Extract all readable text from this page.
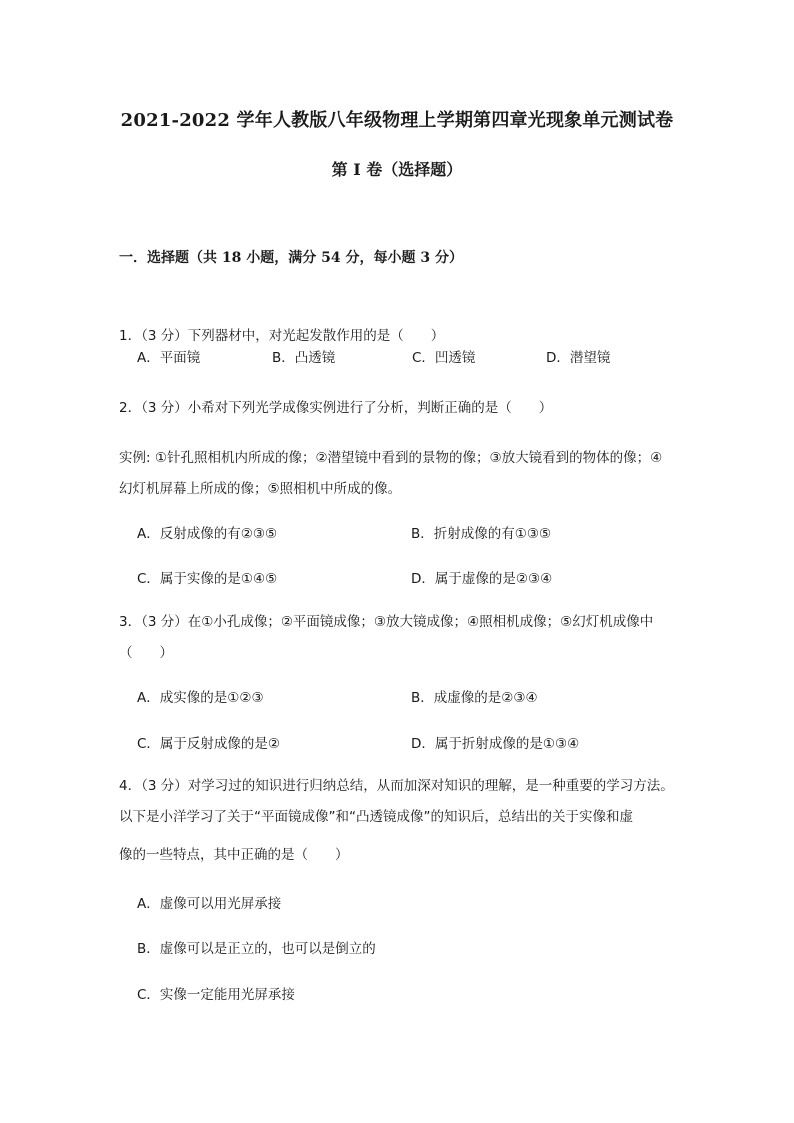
2021-2022 学年人教版八年级物理上学期第四章光现象单元测试卷
第 I 卷（选择题）
一．选择题（共 18 小题，满分 54 分，每小题 3 分）
1．（3 分）下列器材中，对光起发散作用的是（　　）
A．平面镜	B．凸透镜	C．凹透镜	D．潜望镜
2．（3 分）小希对下列光学成像实例进行了分析，判断正确的是（　　）
实例: ①针孔照相机内所成的像；②潜望镜中看到的景物的像；③放大镜看到的物体的像；④
幻灯机屏幕上所成的像；⑤照相机中所成的像。
A．反射成像的有②③⑤	B．折射成像的有①③⑤
C．属于实像的是①④⑤	D．属于虚像的是②③④
3．（3 分）在①小孔成像；②平面镜成像；③放大镜成像；④照相机成像；⑤幻灯机成像中
（　　）
A．成实像的是①②③	B．成虚像的是②③④
C．属于反射成像的是②	D．属于折射成像的是①③④
4．（3 分）对学习过的知识进行归纳总结，从而加深对知识的理解，是一种重要的学习方法。
以下是小洋学习了关于“平面镜成像”和“凸透镜成像”的知识后，总结出的关于实像和虚
像的一些特点，其中正确的是（　　）
A．虚像可以用光屏承接
B．虚像可以是正立的，也可以是倒立的
C．实像一定能用光屏承接
